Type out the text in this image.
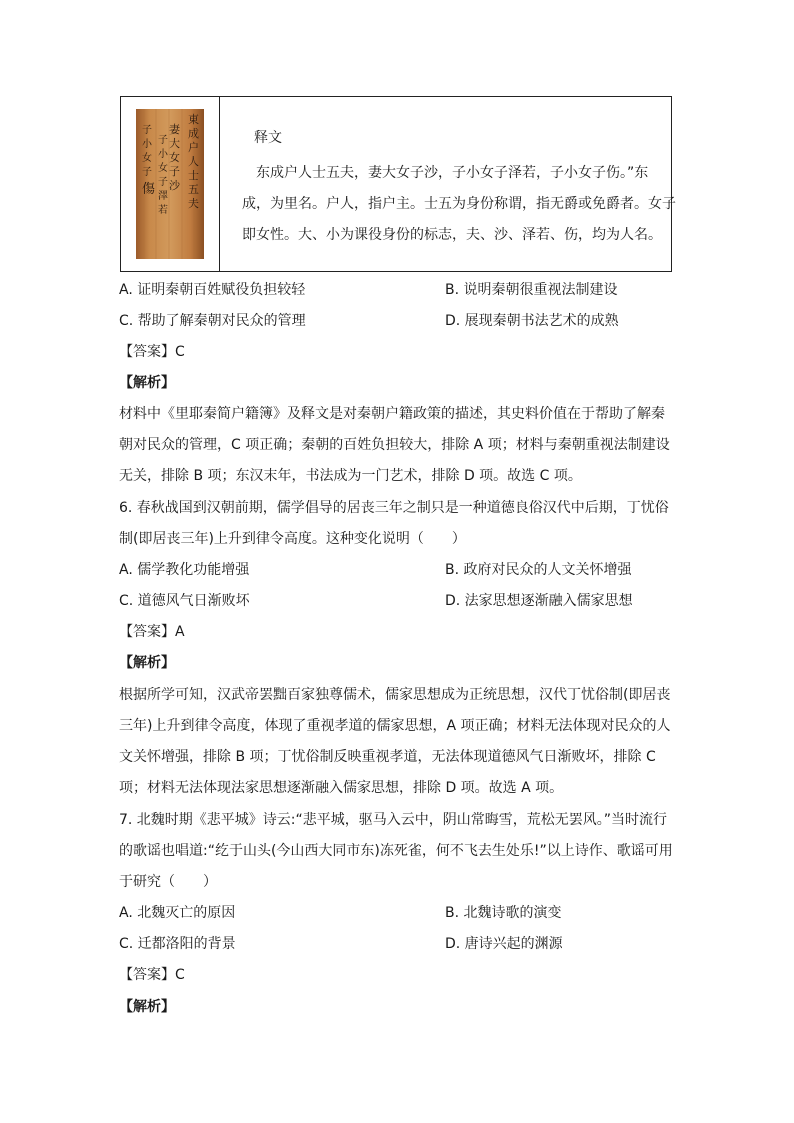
東
成
户
人
士
五
夫
妻
大
女
子
沙
子
小
女
子
澤
若
子
小
女
子
傷
释文
东成户人士五夫，妻大女子沙，子小女子泽若，子小女子伤。”东
成，为里名。户人，指户主。士五为身份称谓，指无爵或免爵者。女子
即女性。大、小为课役身份的标志，夫、沙、泽若、伤，均为人名。
A. 证明秦朝百姓赋役负担较轻	B. 说明秦朝很重视法制建设
C. 帮助了解秦朝对民众的管理	D. 展现秦朝书法艺术的成熟
【答案】C
【解析】
材料中《里耶秦简户籍簿》及释文是对秦朝户籍政策的描述，其史料价值在于帮助了解秦
朝对民众的管理，C 项正确；秦朝的百姓负担较大，排除 A 项；材料与秦朝重视法制建设
无关，排除 B 项；东汉末年，书法成为一门艺术，排除 D 项。故选 C 项。
6. 春秋战国到汉朝前期，儒学倡导的居丧三年之制只是一种道德良俗汉代中后期，丁忧俗
制(即居丧三年)上升到律令高度。这种变化说明（　　）
A. 儒学教化功能增强	B. 政府对民众的人文关怀增强
C. 道德风气日渐败坏	D. 法家思想逐渐融入儒家思想
【答案】A
【解析】
根据所学可知，汉武帝罢黜百家独尊儒术，儒家思想成为正统思想，汉代丁忧俗制(即居丧
三年)上升到律令高度，体现了重视孝道的儒家思想，A 项正确；材料无法体现对民众的人
文关怀增强，排除 B 项；丁忧俗制反映重视孝道，无法体现道德风气日渐败坏，排除 C
项；材料无法体现法家思想逐渐融入儒家思想，排除 D 项。故选 A 项。
7. 北魏时期《悲平城》诗云:“悲平城，驱马入云中，阴山常晦雪，荒松无罢风。”当时流行
的歌谣也唱道:“纥于山头(今山西大同市东)冻死雀，何不飞去生处乐!”以上诗作、歌谣可用
于研究（　　）
A. 北魏灭亡的原因	B. 北魏诗歌的演变
C. 迁都洛阳的背景	D. 唐诗兴起的渊源
【答案】C
【解析】
